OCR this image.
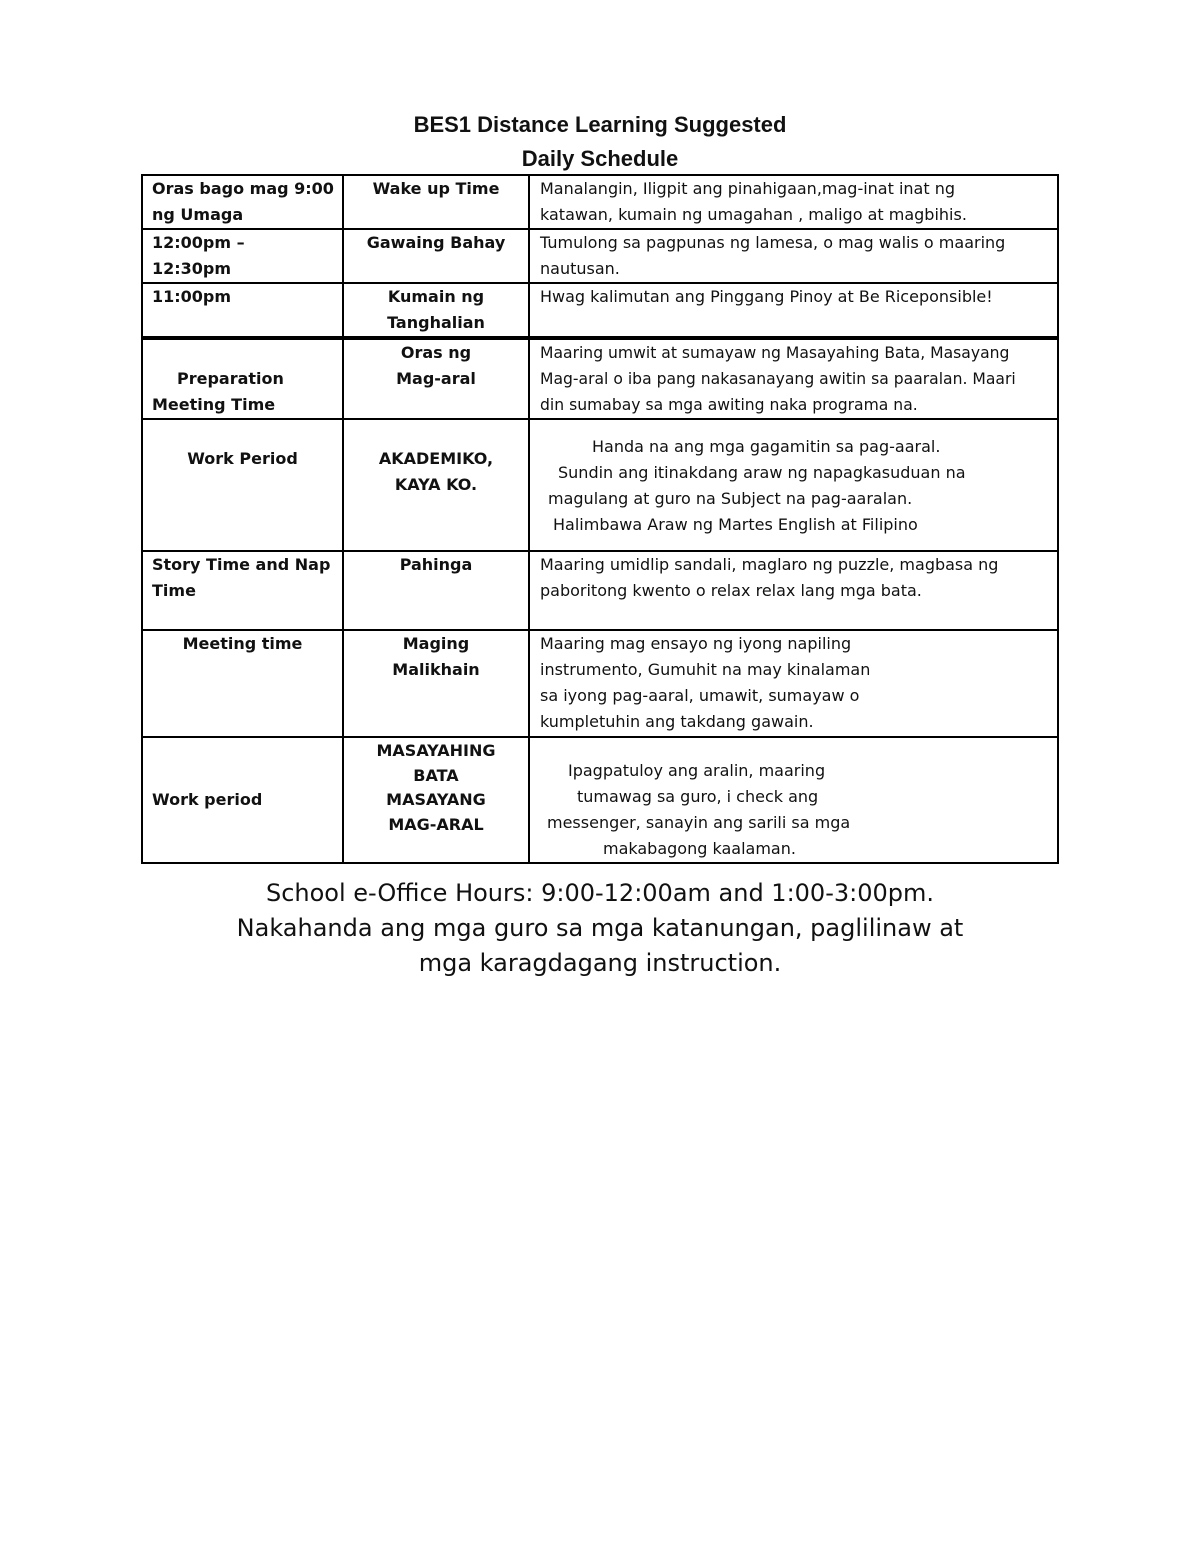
BES1 Distance Learning Suggested
Daily Schedule
Oras bago mag 9:00
ng Umaga	Wake up Time	Manalangin, Iligpit ang pinahigaan,mag-inat inat ng
katawan, kumain ng umagahan , maligo at magbihis.

12:00pm –
12:30pm	Gawaing Bahay	Tumulong sa pagpunas ng lamesa, o mag walis o maaring
nautusan.

11:00pm	Kumain ng
Tanghalian	Hwag kalimutan ang Pinggang Pinoy at Be Riceponsible!
Preparation
Meeting Time	Oras ng
Mag-aral	Maaring umwit at sumayaw ng Masayahing Bata, Masayang
Mag-aral o iba pang nakasanayang awitin sa paaralan. Maari
din sumabay sa mga awiting naka programa na.

Work Period	AKADEMIKO,
KAYA KO.	Handa na ang mga gagamitin sa pag-aaral.
Sundin ang itinakdang araw ng napagkasuduan na
magulang at guro na Subject na pag-aaralan.
Halimbawa Araw ng Martes English at Filipino

Story Time and Nap
Time	Pahinga	Maaring umidlip sandali, maglaro ng puzzle, magbasa ng
paboritong kwento o relax relax lang mga bata.

Meeting time	Maging
Malikhain	Maaring mag ensayo ng iyong napiling
instrumento, Gumuhit na may kinalaman
sa iyong pag-aaral, umawit, sumayaw o
kumpletuhin ang takdang gawain.

Work period	MASAYAHING
BATA
MASAYANG
MAG-ARAL	Ipagpatuloy ang aralin, maaring
tumawag sa guro, i check ang
messenger, sanayin ang sarili sa mga
makabagong kaalaman.
School e-Office Hours: 9:00-12:00am and 1:00-3:00pm.
Nakahanda ang mga guro sa mga katanungan, paglilinaw at
mga karagdagang instruction.
